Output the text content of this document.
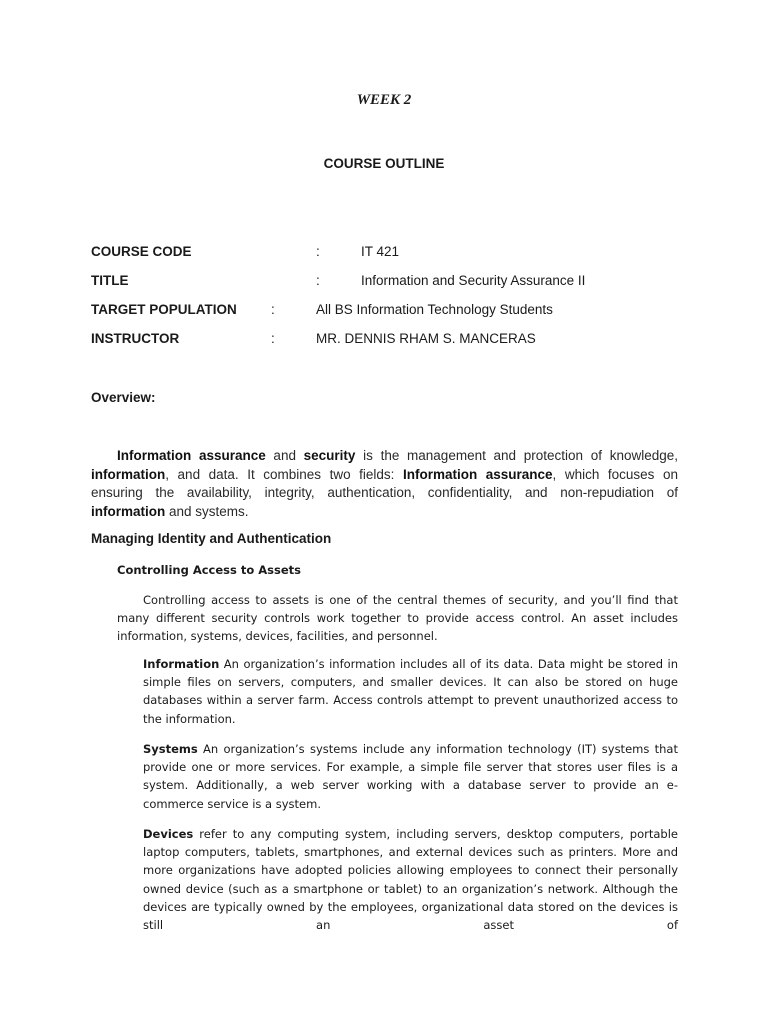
WEEK 2
COURSE OUTLINE
COURSE CODE	:	IT 421
TITLE	:	Information and Security Assurance II
TARGET POPULATION	:	All BS Information Technology Students
INSTRUCTOR	:	MR. DENNIS RHAM S. MANCERAS
Overview:

Information assurance and security is the management and protection of knowledge, information, and data. It combines two fields: Information assurance, which focuses on ensuring the availability, integrity, authentication, confidentiality, and non-repudiation of information and systems.

Managing Identity and Authentication
Controlling Access to Assets

Controlling access to assets is one of the central themes of security, and you’ll find that many different security controls work together to provide access control. An asset includes information, systems, devices, facilities, and personnel.

Information An organization’s information includes all of its data. Data might be stored in simple files on servers, computers, and smaller devices. It can also be stored on huge databases within a server farm. Access controls attempt to prevent unauthorized access to the information.

Systems An organization’s systems include any information technology (IT) systems that provide one or more services. For example, a simple file server that stores user files is a system. Additionally, a web server working with a database server to provide an e-commerce service is a system.

Devices refer to any computing system, including servers, desktop computers, portable laptop computers, tablets, smartphones, and external devices such as printers. More and more organizations have adopted policies allowing employees to connect their personally owned device (such as a smartphone or tablet) to an organization’s network. Although the devices are typically owned by the employees, organizational data stored on the devices is still an asset of
